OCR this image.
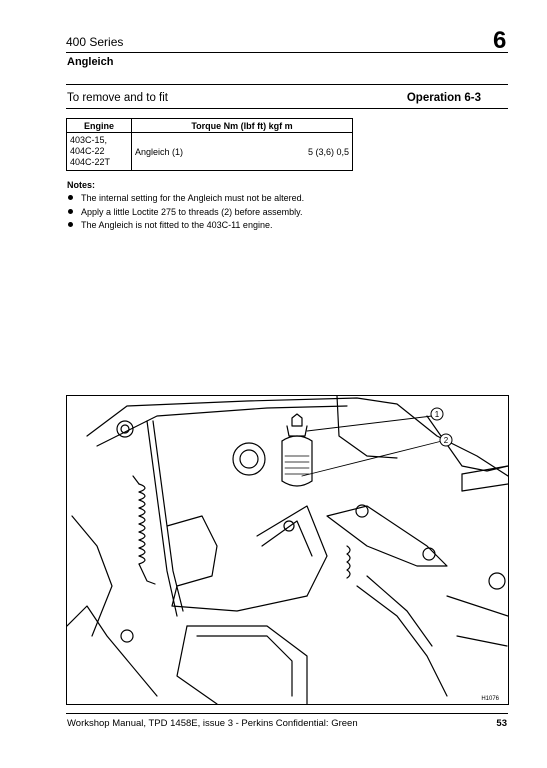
400 Series	6
Angleich
To remove and to fit	Operation 6-3
Engine	Torque Nm (lbf ft) kgf m	

403C-15,
404C-22
404C-22T	Angleich (1)	5 (3,6) 0,5
Notes:
The internal setting for the Angleich must not be altered.
Apply a little Loctite 275 to threads (2) before assembly.
The Angleich is not fitted to the 403C-11 engine.
1
2
H1076
Workshop Manual, TPD 1458E, issue 3 - Perkins Confidential: Green	53
